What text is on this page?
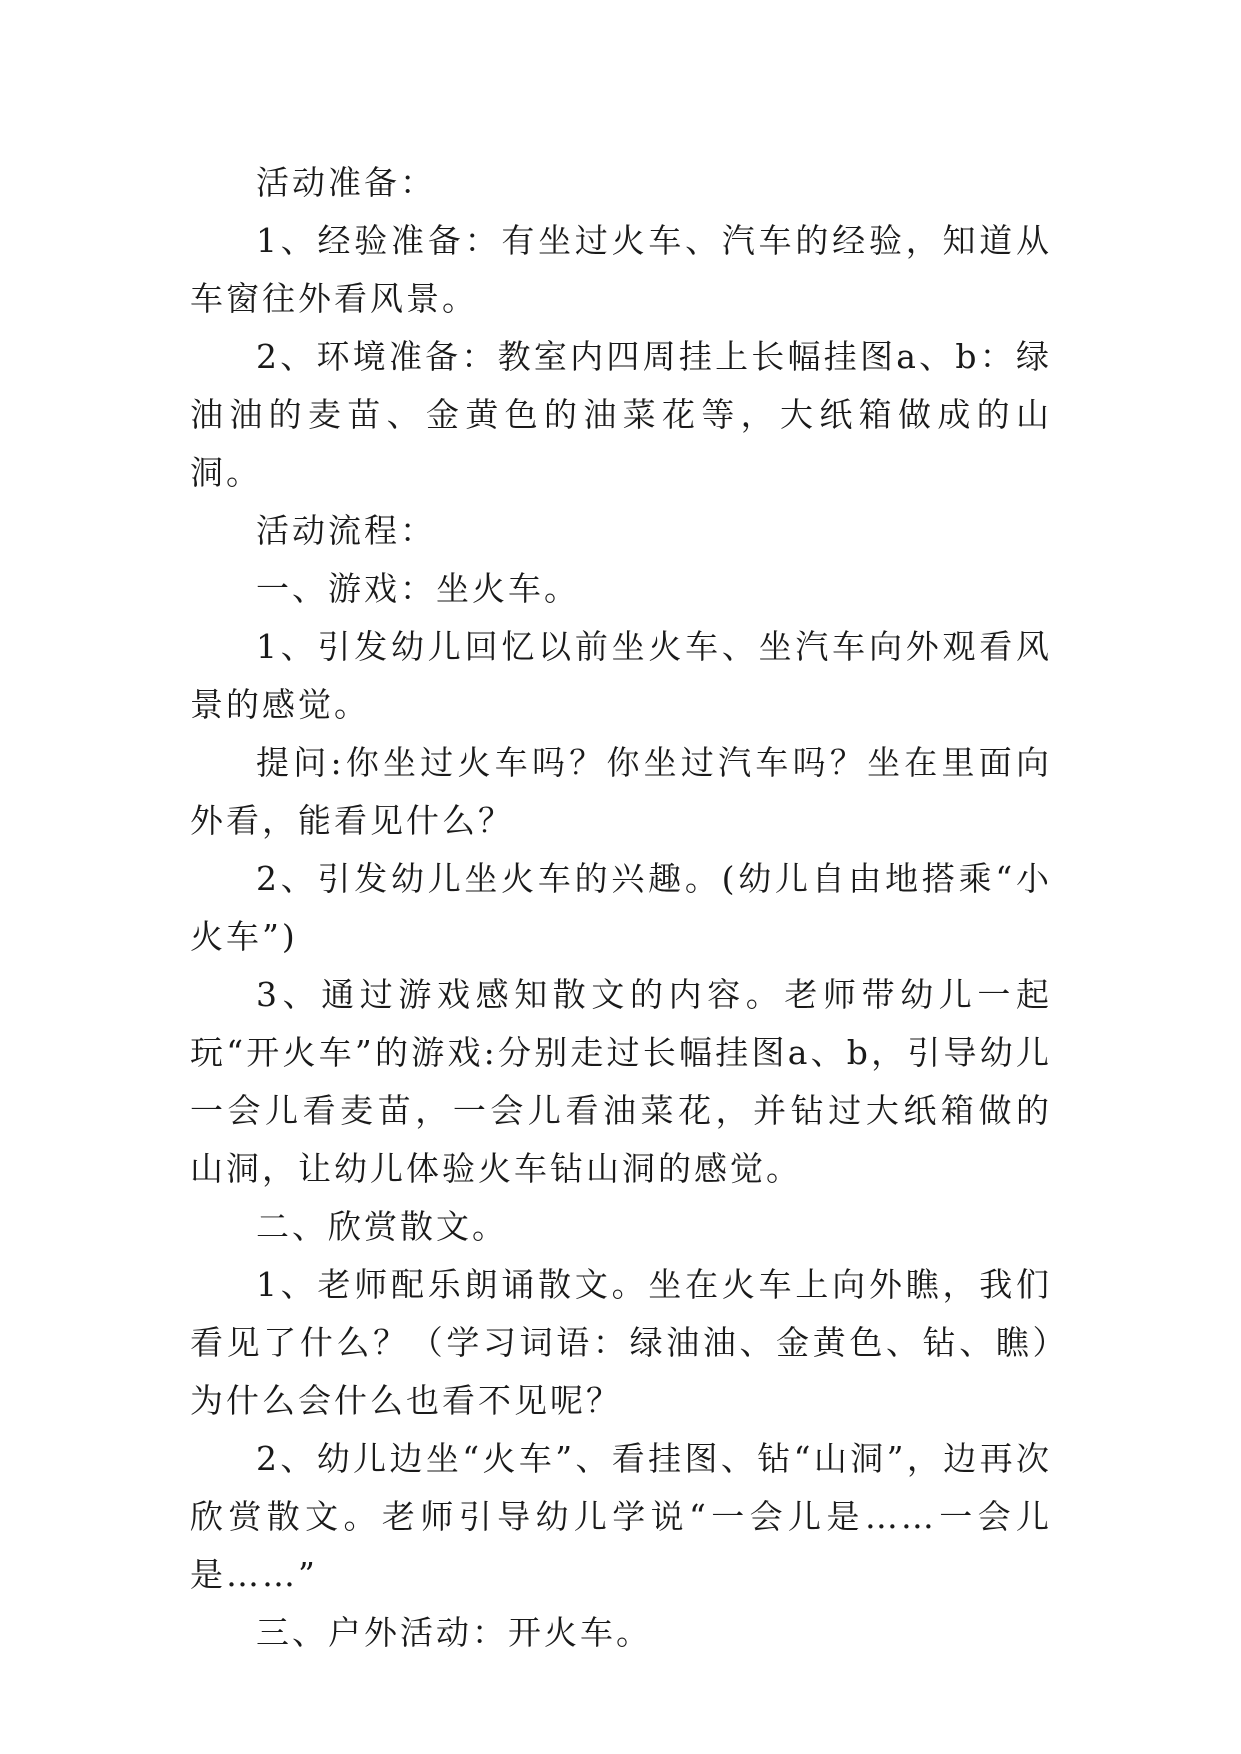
活动准备：

1、经验准备：有坐过火车、汽车的经验，知道从车窗往外看风景。

2、环境准备：教室内四周挂上长幅挂图a、b：绿油油的麦苗、金黄色的油菜花等，大纸箱做成的山洞。

活动流程：

一、游戏：坐火车。

1、引发幼儿回忆以前坐火车、坐汽车向外观看风景的感觉。

提问:你坐过火车吗？你坐过汽车吗？坐在里面向外看，能看见什么？

2、引发幼儿坐火车的兴趣。(幼儿自由地搭乘“小火车”)

3、通过游戏感知散文的内容。老师带幼儿一起玩“开火车”的游戏:分别走过长幅挂图a、b，引导幼儿一会儿看麦苗，一会儿看油菜花，并钻过大纸箱做的山洞，让幼儿体验火车钻山洞的感觉。

二、欣赏散文。

1、老师配乐朗诵散文。坐在火车上向外瞧，我们看见了什么？（学习词语：绿油油、金黄色、钻、瞧）为什么会什么也看不见呢？

2、幼儿边坐“火车”、看挂图、钻“山洞”，边再次欣赏散文。老师引导幼儿学说“一会儿是……一会儿是……”

三、户外活动：开火车。
